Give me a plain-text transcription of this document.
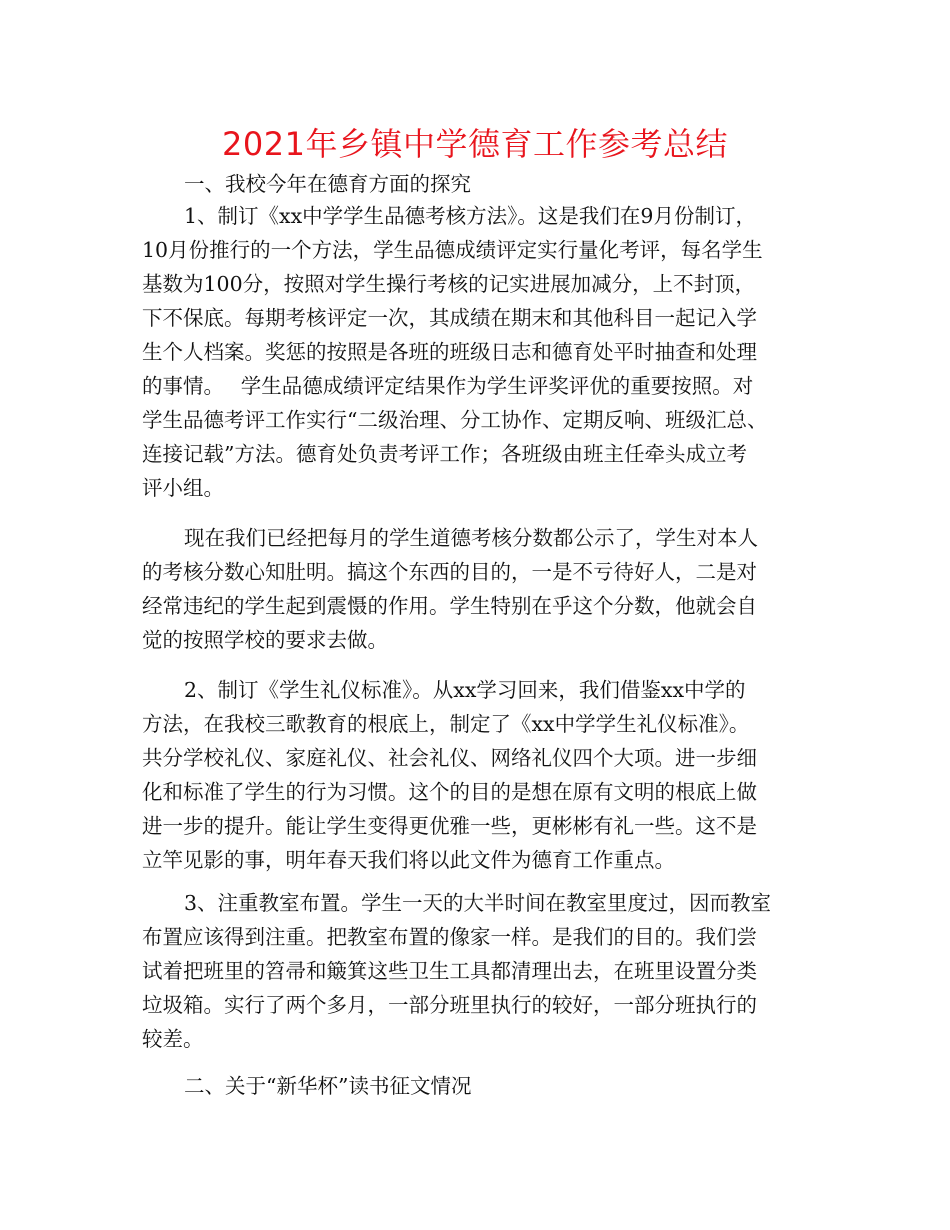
2021年乡镇中学德育工作参考总结
一、我校今年在德育方面的探究
1、制订《xx中学学生品德考核方法》。这是我们在9月份制订，
10月份推行的一个方法，学生品德成绩评定实行量化考评，每名学生
基数为100分，按照对学生操行考核的记实进展加减分，上不封顶，
下不保底。每期考核评定一次，其成绩在期末和其他科目一起记入学
生个人档案。奖惩的按照是各班的班级日志和德育处平时抽查和处理
的事情。　 学生品德成绩评定结果作为学生评奖评优的重要按照。对
学生品德考评工作实行“二级治理、分工协作、定期反响、班级汇总、
连接记载”方法。德育处负责考评工作；各班级由班主任牵头成立考
评小组。
现在我们已经把每月的学生道德考核分数都公示了，学生对本人
的考核分数心知肚明。搞这个东西的目的，一是不亏待好人，二是对
经常违纪的学生起到震慑的作用。学生特别在乎这个分数，他就会自
觉的按照学校的要求去做。
2、制订《学生礼仪标准》。从xx学习回来，我们借鉴xx中学的
方法，在我校三歌教育的根底上，制定了《xx中学学生礼仪标准》。
共分学校礼仪、家庭礼仪、社会礼仪、网络礼仪四个大项。进一步细
化和标准了学生的行为习惯。这个的目的是想在原有文明的根底上做
进一步的提升。能让学生变得更优雅一些，更彬彬有礼一些。这不是
立竿见影的事，明年春天我们将以此文件为德育工作重点。
3、注重教室布置。学生一天的大半时间在教室里度过，因而教室
布置应该得到注重。把教室布置的像家一样。是我们的目的。我们尝
试着把班里的笤帚和簸箕这些卫生工具都清理出去，在班里设置分类
垃圾箱。实行了两个多月，一部分班里执行的较好，一部分班执行的
较差。
二、关于“新华杯”读书征文情况
